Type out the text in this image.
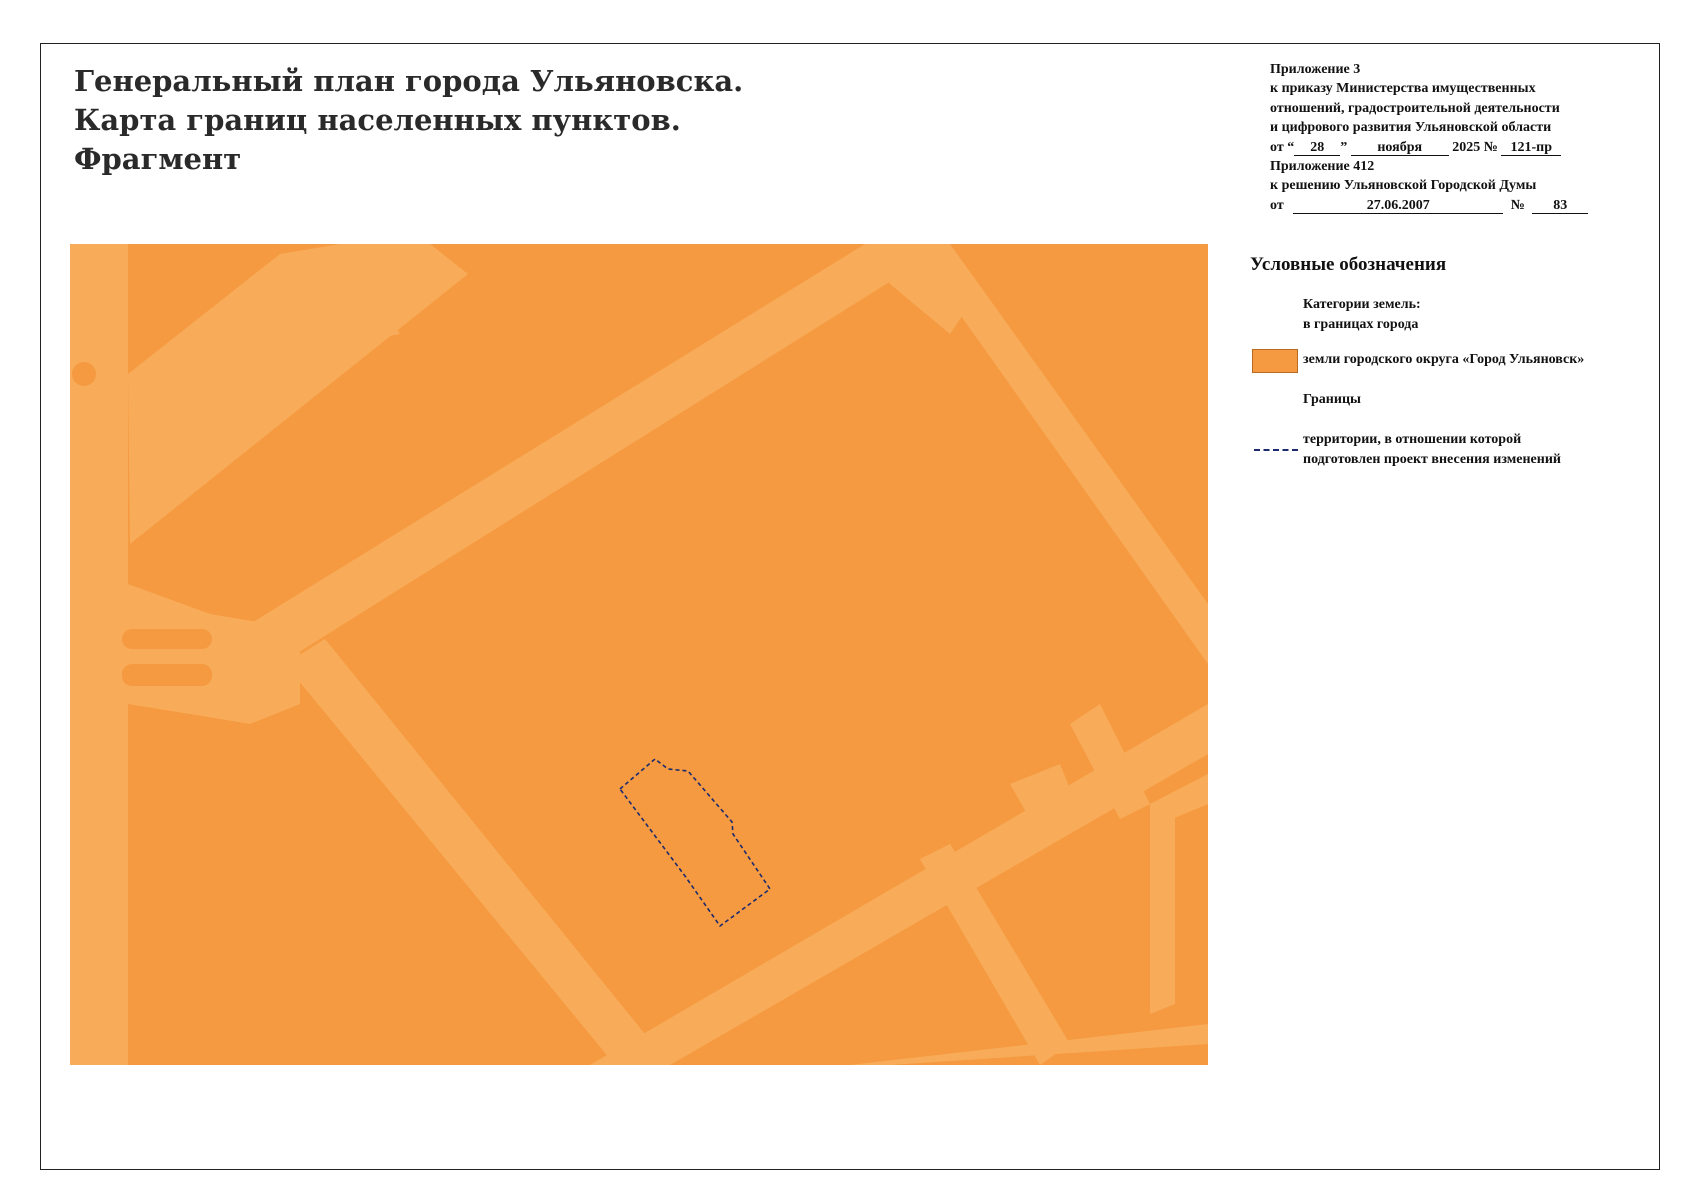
Генеральный план города Ульяновска.
Карта границ населенных пунктов.
Фрагмент
Приложение 3
к приказу Министерства имущественных
отношений, градостроительной деятельности
и цифрового развития Ульяновской области
от “ 28 ” ноября 2025 № 121-пр
Приложение 412
к решению Ульяновской Городской Думы
от	27.06.2007	№ 83
Условные обозначения
Категории земель:
в границах города
земли городского округа «Город Ульяновск»
Границы
территории, в отношении которой
подготовлен проект внесения изменений
